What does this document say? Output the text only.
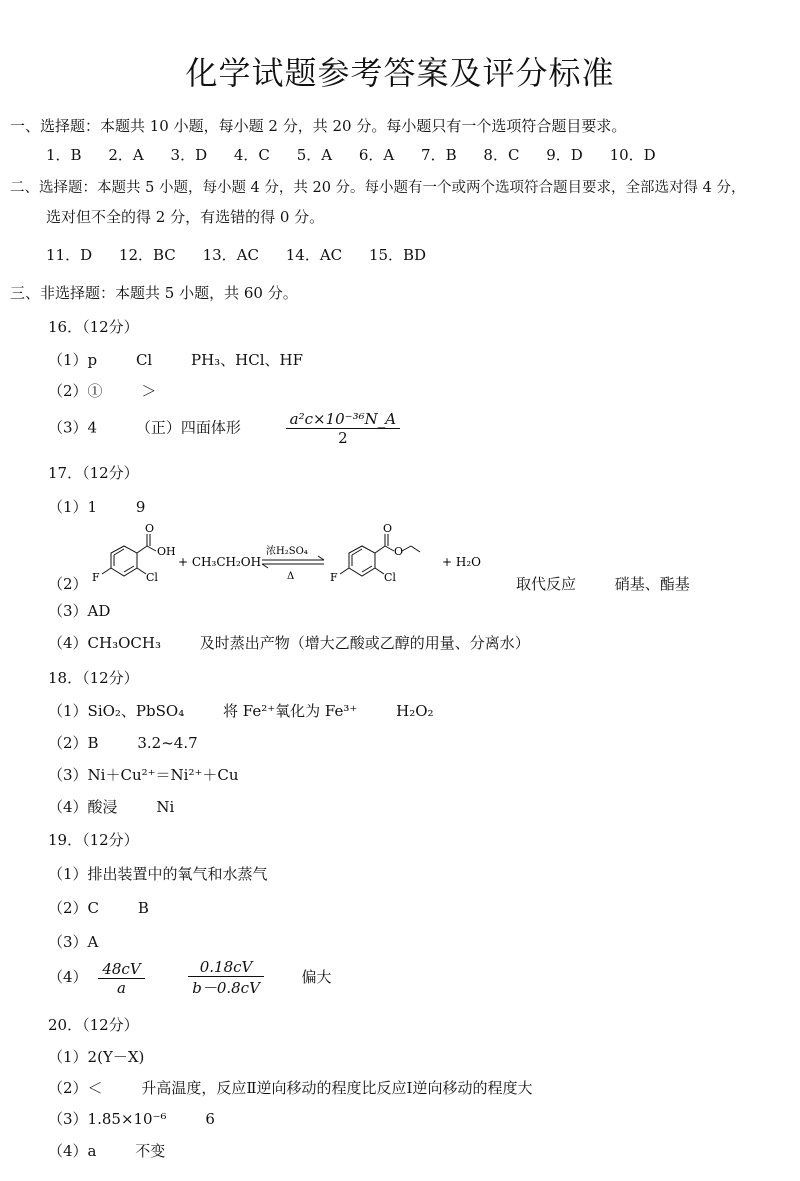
化学试题参考答案及评分标准
一、选择题：本题共 10 小题，每小题 2 分，共 20 分。每小题只有一个选项符合题目要求。
1．B 2．A 3．D 4．C 5．A 6．A 7．B 8．C 9．D 10．D
二、选择题：本题共 5 小题，每小题 4 分，共 20 分。每小题有一个或两个选项符合题目要求，全部选对得 4 分，
选对但不全的得 2 分，有选错的得 0 分。
11．D 12．BC 13．AC 14．AC 15．BD
三、非选择题：本题共 5 小题，共 60 分。
16．（12分）
（1）p	Cl	PH₃、HCl、HF
（2）①	＞
（3）4	（正）四面体形	$\frac{\text{a²c×10⁻³⁶N\_A}}{2}$
17．（12分）
（1）1	9
（2）
O
OH
Cl
F
+ CH₃CH₂OH
浓H₂SO₄
Δ
O
O
Cl
F
+ H₂O
取代反应	硝基、酯基
（3）AD
（4）CH₃OCH₃	及时蒸出产物（增大乙酸或乙醇的用量、分离水）
18．（12分）
（1）SiO₂、PbSO₄	将 Fe²⁺氧化为 Fe³⁺	H₂O₂
（2）B	3.2~4.7
（3）Ni＋Cu²⁺＝Ni²⁺＋Cu
（4）酸浸	Ni
19．（12分）
（1）排出装置中的氧气和水蒸气
（2）C	B
（3）A
$(4) \frac{48cV}{a}$
	$\frac{0.18cV}{b-0.8cV}$	偏大
20．（12分）
（1）2(Y－X)
（2）＜	升高温度，反应Ⅱ逆向移动的程度比反应Ⅰ逆向移动的程度大
（3）1.85×10⁻⁶	6
（4）a	不变
